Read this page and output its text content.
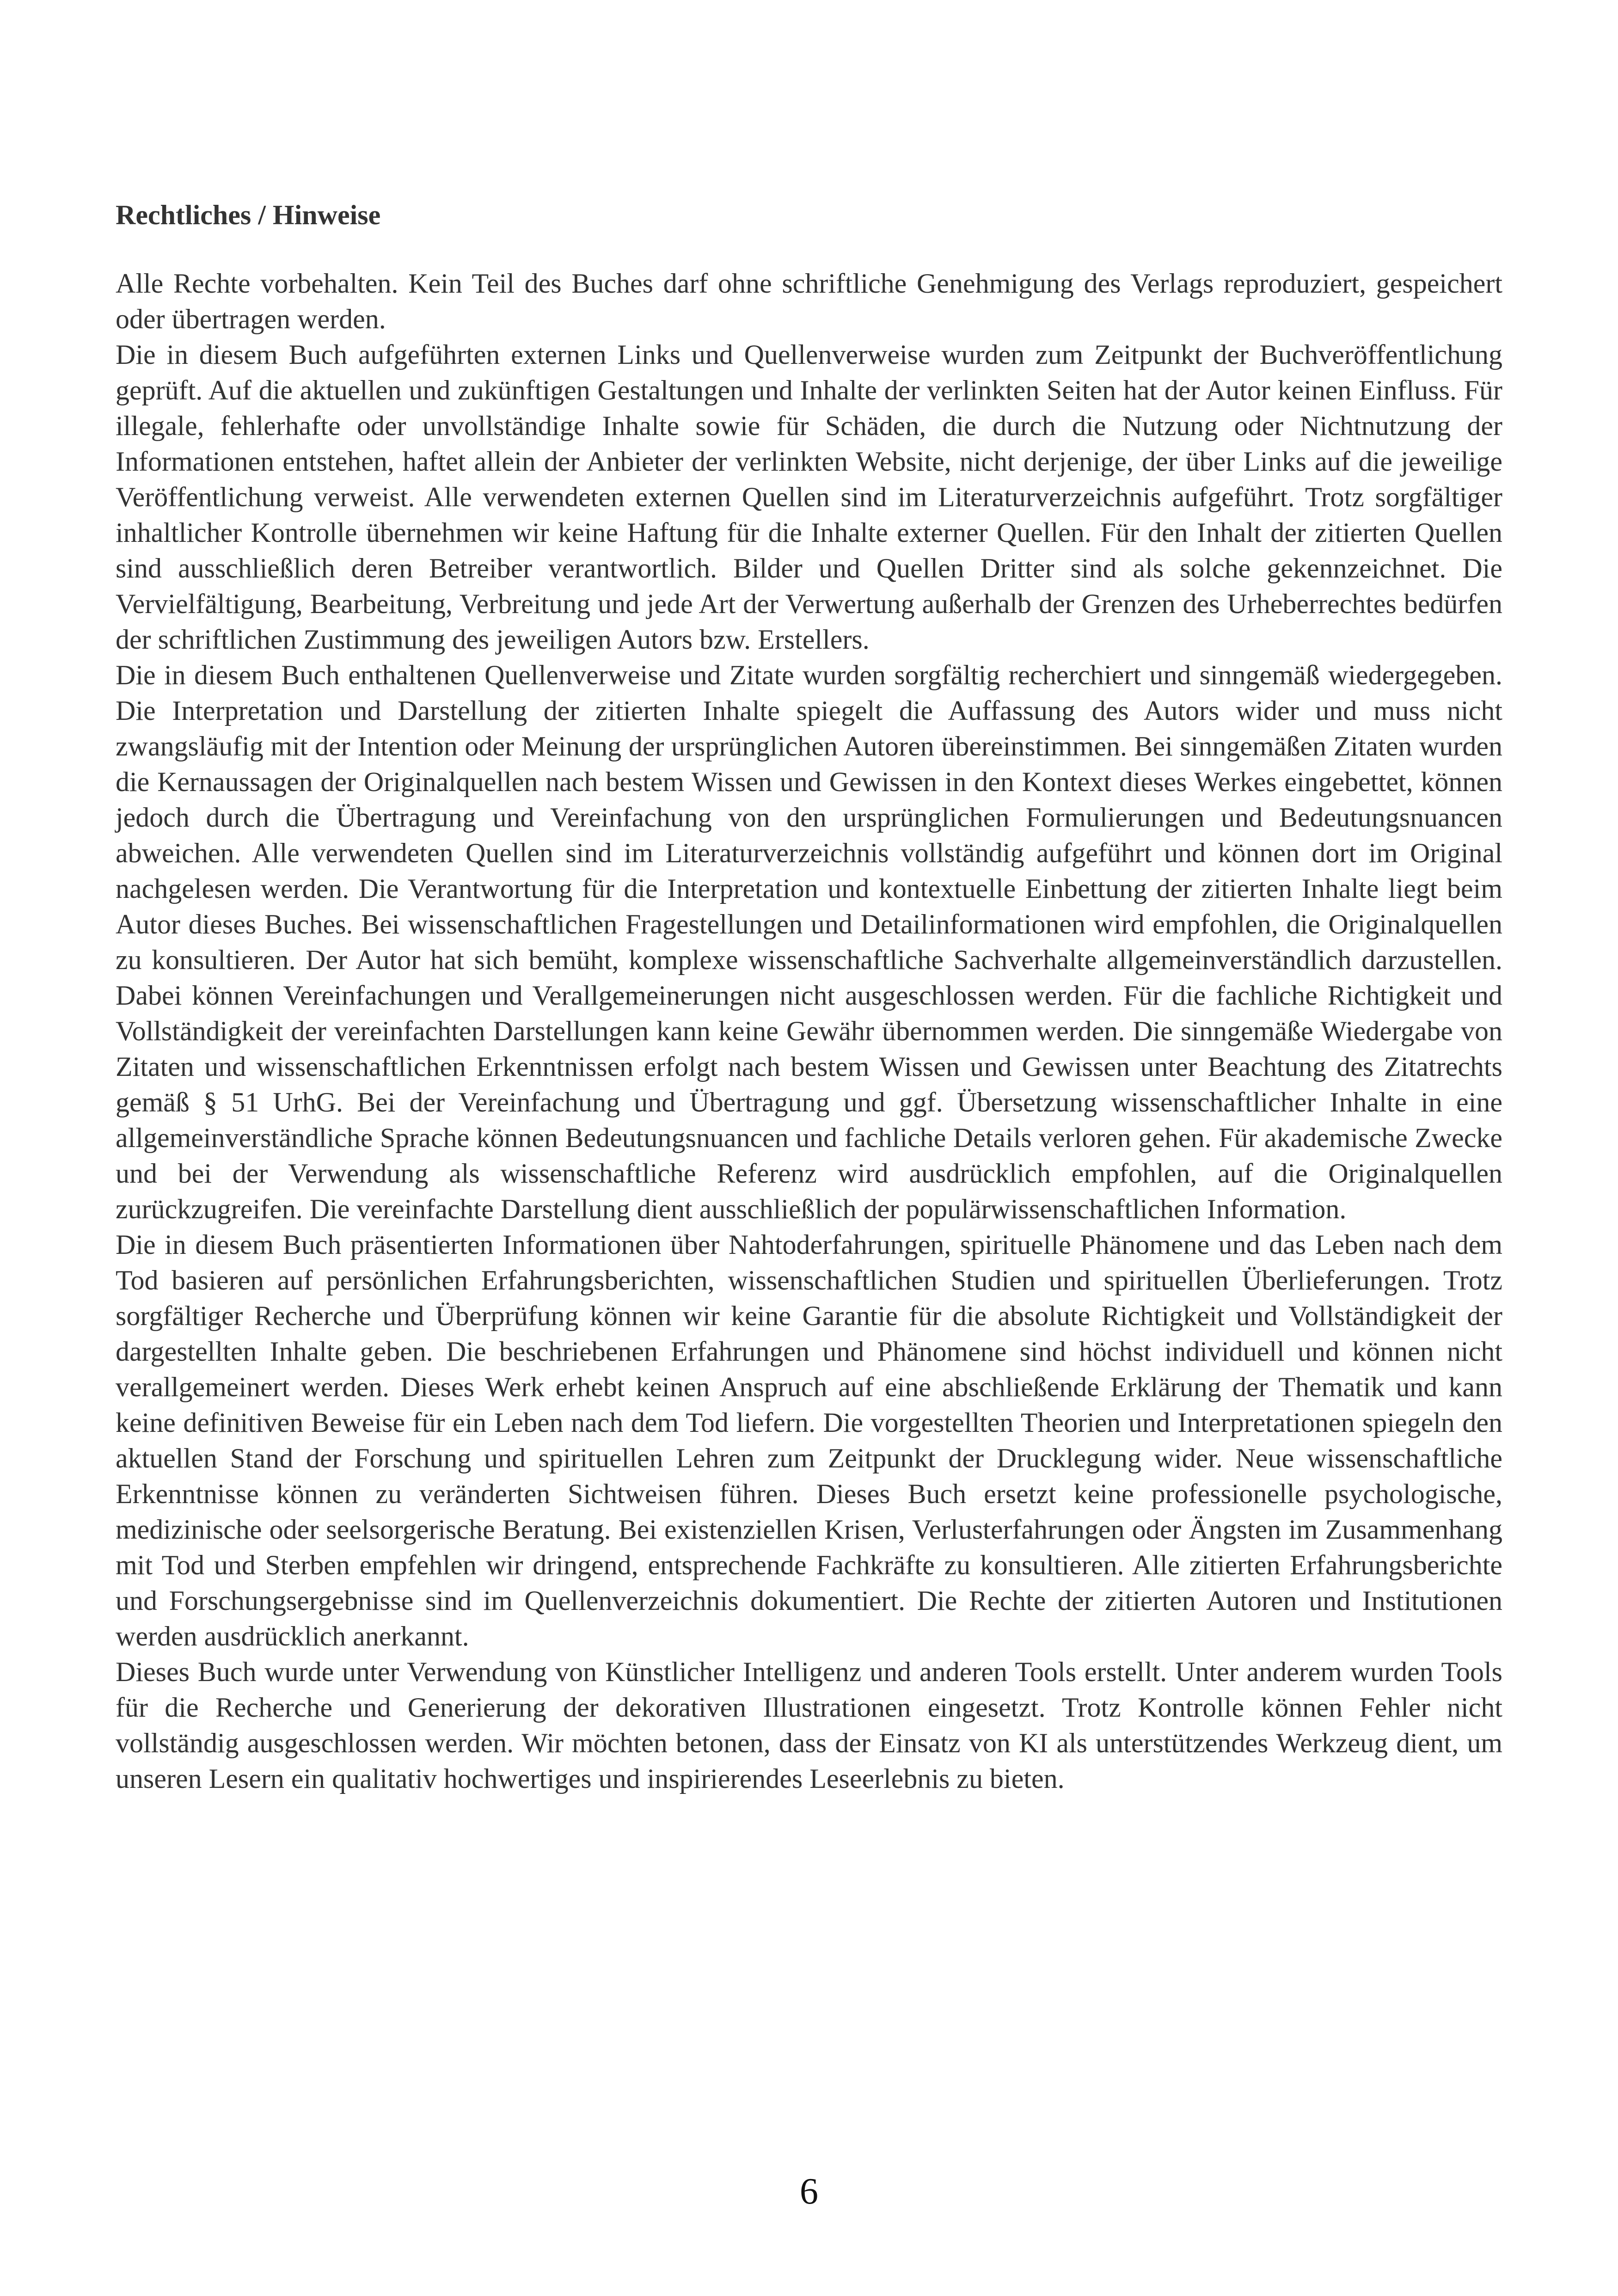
Rechtliches / Hinweise

Alle Rechte vorbehalten. Kein Teil des Buches darf ohne schriftliche Genehmigung des Verlags reproduziert, gespeichert oder übertragen werden.

Die in diesem Buch aufgeführten externen Links und Quellenverweise wurden zum Zeitpunkt der Buchveröffentlichung geprüft. Auf die aktuellen und zukünftigen Gestaltungen und Inhalte der verlinkten Seiten hat der Autor keinen Einfluss. Für illegale, fehlerhafte oder unvollständige Inhalte sowie für Schäden, die durch die Nutzung oder Nichtnutzung der Informationen entstehen, haftet allein der Anbieter der verlinkten Website, nicht derjenige, der über Links auf die jeweilige Veröffentlichung verweist. Alle verwendeten externen Quellen sind im Literaturverzeichnis aufgeführt. Trotz sorgfältiger inhaltlicher Kontrolle übernehmen wir keine Haftung für die Inhalte externer Quellen. Für den Inhalt der zitierten Quellen sind ausschließlich deren Betreiber verantwortlich. Bilder und Quellen Dritter sind als solche gekennzeichnet. Die Vervielfältigung, Bearbeitung, Verbreitung und jede Art der Verwertung außerhalb der Grenzen des Urheberrechtes bedürfen der schriftlichen Zustimmung des jeweiligen Autors bzw. Erstellers.

Die in diesem Buch enthaltenen Quellenverweise und Zitate wurden sorgfältig recherchiert und sinngemäß wiedergegeben. Die Interpretation und Darstellung der zitierten Inhalte spiegelt die Auffassung des Autors wider und muss nicht zwangsläufig mit der Intention oder Meinung der ursprünglichen Autoren übereinstimmen. Bei sinngemäßen Zitaten wurden die Kernaussagen der Originalquellen nach bestem Wissen und Gewissen in den Kontext dieses Werkes eingebettet, können jedoch durch die Übertragung und Vereinfachung von den ursprünglichen Formulierungen und Bedeutungsnuancen abweichen. Alle verwendeten Quellen sind im Literaturverzeichnis vollständig aufgeführt und können dort im Original nachgelesen werden. Die Verantwortung für die Interpretation und kontextuelle Einbettung der zitierten Inhalte liegt beim Autor dieses Buches. Bei wissenschaftlichen Fragestellungen und Detailinformationen wird empfohlen, die Originalquellen zu konsultieren. Der Autor hat sich bemüht, komplexe wissenschaftliche Sachverhalte allgemeinverständlich darzustellen. Dabei können Vereinfachungen und Verallgemeinerungen nicht ausgeschlossen werden. Für die fachliche Richtigkeit und Vollständigkeit der vereinfachten Darstellungen kann keine Gewähr übernommen werden. Die sinngemäße Wiedergabe von Zitaten und wissenschaftlichen Erkenntnissen erfolgt nach bestem Wissen und Gewissen unter Beachtung des Zitatrechts gemäß § 51 UrhG. Bei der Vereinfachung und Übertragung und ggf. Übersetzung wissenschaftlicher Inhalte in eine allgemeinverständliche Sprache können Bedeutungsnuancen und fachliche Details verloren gehen. Für akademische Zwecke und bei der Verwendung als wissenschaftliche Referenz wird ausdrücklich empfohlen, auf die Originalquellen zurückzugreifen. Die vereinfachte Darstellung dient ausschließlich der populärwissenschaftlichen Information.

Die in diesem Buch präsentierten Informationen über Nahtoderfahrungen, spirituelle Phänomene und das Leben nach dem Tod basieren auf persönlichen Erfahrungsberichten, wissenschaftlichen Studien und spirituellen Überlieferungen. Trotz sorgfältiger Recherche und Überprüfung können wir keine Garantie für die absolute Richtigkeit und Vollständigkeit der dargestellten Inhalte geben. Die beschriebenen Erfahrungen und Phänomene sind höchst individuell und können nicht verallgemeinert werden. Dieses Werk erhebt keinen Anspruch auf eine abschließende Erklärung der Thematik und kann keine definitiven Beweise für ein Leben nach dem Tod liefern. Die vorgestellten Theorien und Interpretationen spiegeln den aktuellen Stand der Forschung und spirituellen Lehren zum Zeitpunkt der Drucklegung wider. Neue wissenschaftliche Erkenntnisse können zu veränderten Sichtweisen führen. Dieses Buch ersetzt keine professionelle psychologische, medizinische oder seelsorgerische Beratung. Bei existenziellen Krisen, Verlusterfahrungen oder Ängsten im Zusammenhang mit Tod und Sterben empfehlen wir dringend, entsprechende Fachkräfte zu konsultieren. Alle zitierten Erfahrungsberichte und Forschungsergebnisse sind im Quellenverzeichnis dokumentiert. Die Rechte der zitierten Autoren und Institutionen werden ausdrücklich anerkannt.

Dieses Buch wurde unter Verwendung von Künstlicher Intelligenz und anderen Tools erstellt. Unter anderem wurden Tools für die Recherche und Generierung der dekorativen Illustrationen eingesetzt. Trotz Kontrolle können Fehler nicht vollständig ausgeschlossen werden. Wir möchten betonen, dass der Einsatz von KI als unterstützendes Werkzeug dient, um unseren Lesern ein qualitativ hochwertiges und inspirierendes Leseerlebnis zu bieten.

6
